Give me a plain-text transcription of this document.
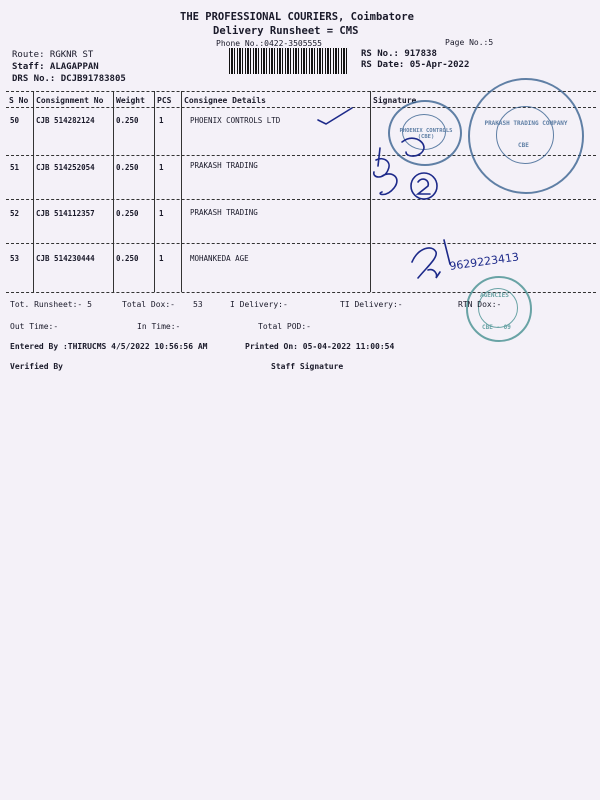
THE PROFESSIONAL COURIERS, Coimbatore
Delivery Runsheet = CMS
Phone No.:0422-3505555	Page No.:5
Route: RGKNR ST
Staff: ALAGAPPAN
DRS No.: DCJB91783805
RS No.: 917838
RS Date: 05-Apr-2022
S No Consignment No Weight PCS Consignee Details	Signature
50 CJB 514282124	0.250	1	PHOENIX CONTROLS LTD
51 CJB 514252054	0.250	1	PRAKASH TRADING
52 CJB 514112357	0.250	1	PRAKASH TRADING
53 CJB 514230444	0.250	1	MOHANKEDA AGE
PHOENIX CONTROLS (CBE)
PRAKASH TRADING COMPANY
CBE
AGENCIES
CBE - 09
9629223413
Tot. Runsheet:- 5	Total Dox:- 53	I Delivery:-	TI Delivery:-	RTN Dox:-
Out Time:-	In Time:-	Total POD:-
Entered By :THIRUCMS 4/5/2022 10:56:56 AM	Printed On: 05-04-2022 11:00:54
Verified By	Staff Signature
